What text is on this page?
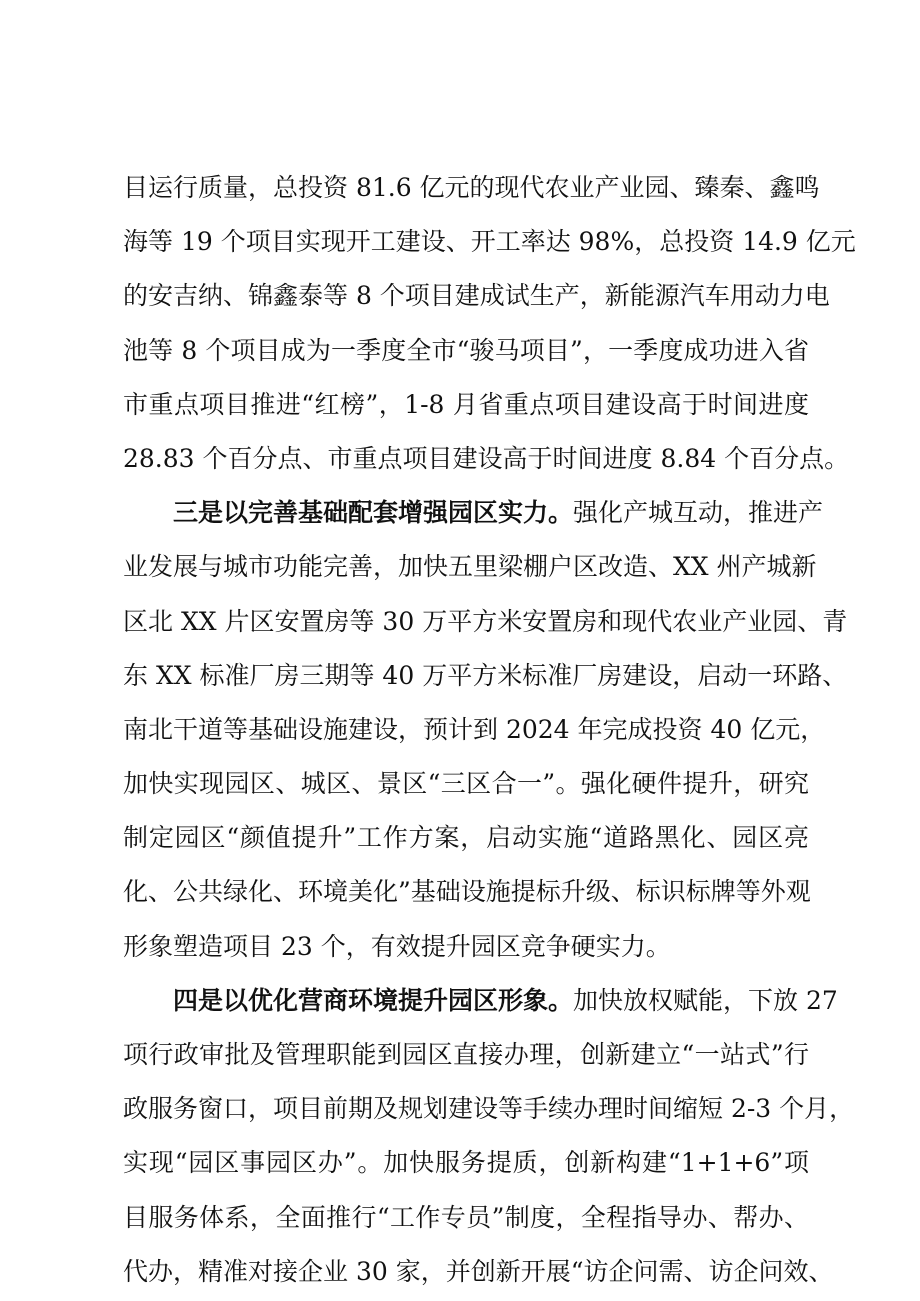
目运行质量，总投资 81.6 亿元的现代农业产业园、臻秦、鑫鸣
海等 19 个项目实现开工建设、开工率达 98%，总投资 14.9 亿元
的安吉纳、锦鑫泰等 8 个项目建成试生产，新能源汽车用动力电
池等 8 个项目成为一季度全市“骏马项目”，一季度成功进入省
市重点项目推进“红榜”，1-8 月省重点项目建设高于时间进度
28.83 个百分点、市重点项目建设高于时间进度 8.84 个百分点。
三是以完善基础配套增强园区实力。强化产城互动，推进产
业发展与城市功能完善，加快五里梁棚户区改造、XX 州产城新
区北 XX 片区安置房等 30 万平方米安置房和现代农业产业园、青
东 XX 标准厂房三期等 40 万平方米标准厂房建设，启动一环路、
南北干道等基础设施建设，预计到 2024 年完成投资 40 亿元，
加快实现园区、城区、景区“三区合一”。强化硬件提升，研究
制定园区“颜值提升”工作方案，启动实施“道路黑化、园区亮
化、公共绿化、环境美化”基础设施提标升级、标识标牌等外观
形象塑造项目 23 个，有效提升园区竞争硬实力。
四是以优化营商环境提升园区形象。加快放权赋能，下放 27
项行政审批及管理职能到园区直接办理，创新建立“一站式”行
政服务窗口，项目前期及规划建设等手续办理时间缩短 2-3 个月，
实现“园区事园区办”。加快服务提质，创新构建“1+1+6”项
目服务体系，全面推行“工作专员”制度，全程指导办、帮办、
代办，精准对接企业 30 家，并创新开展“访企问需、访企问效、
